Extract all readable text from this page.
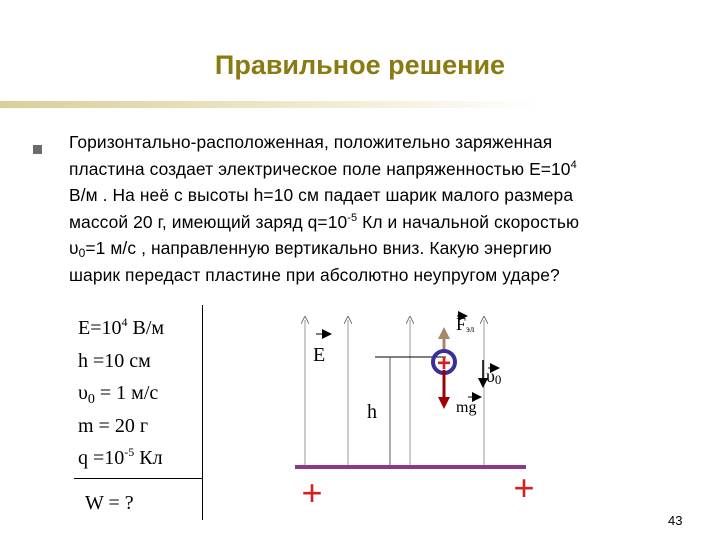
Правильное решение
Горизонтально-расположенная, положительно заряженная
пластина создает электрическое поле напряженностью $Е=10^4$
В/м . На неё с высоты h=10 см падает шарик малого размера
массой 20 г, имеющий заряд $q=10^{-5}$ Кл и начальной скоростью
$\upsilon_0=1$ м/с , направленную вертикально вниз. Какую энергию
шарик передаст пластине при абсолютно неупругом ударе?
$Е=10^4$ В/м
h =10 см
$\upsilon_0 = 1$ м/с
m = 20 г
$q =10^{-5}$ Кл
W = ?
E
h
Fэл
+
mg
υ0
+	+
43
